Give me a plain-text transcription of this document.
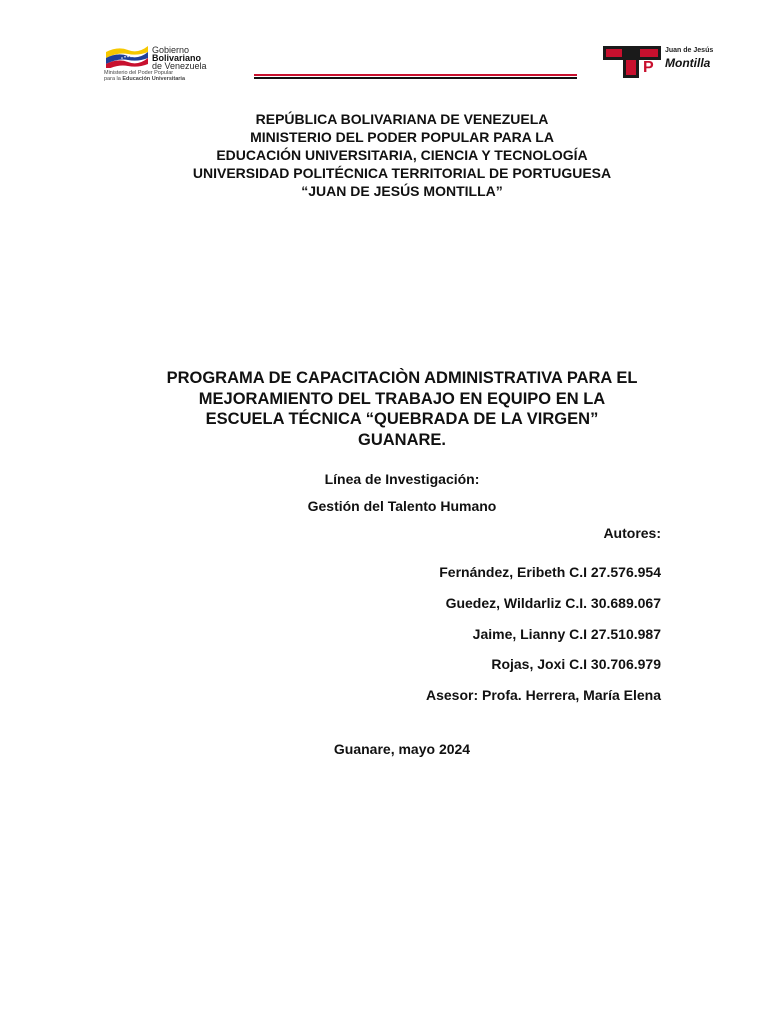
Gobierno
Bolivariano
de Venezuela
Ministerio del Poder Popular
para la Educación Universitaria
P
Juan de Jesús
Montilla
REPÚBLICA BOLIVARIANA DE VENEZUELA
MINISTERIO DEL PODER POPULAR PARA LA
EDUCACIÓN UNIVERSITARIA, CIENCIA Y TECNOLOGÍA
UNIVERSIDAD POLITÉCNICA TERRITORIAL DE PORTUGUESA
“JUAN DE JESÚS MONTILLA”
PROGRAMA DE CAPACITACIÒN ADMINISTRATIVA PARA EL
MEJORAMIENTO DEL TRABAJO EN EQUIPO EN LA
ESCUELA TÉCNICA “QUEBRADA DE LA VIRGEN”
GUANARE.
Línea de Investigación:
Gestión del Talento Humano
Autores:
Fernández, Eribeth C.I 27.576.954
Guedez, Wildarliz C.I. 30.689.067
Jaime, Lianny C.I 27.510.987
Rojas, Joxi C.I 30.706.979
Asesor: Profa. Herrera, María Elena
Guanare, mayo 2024
